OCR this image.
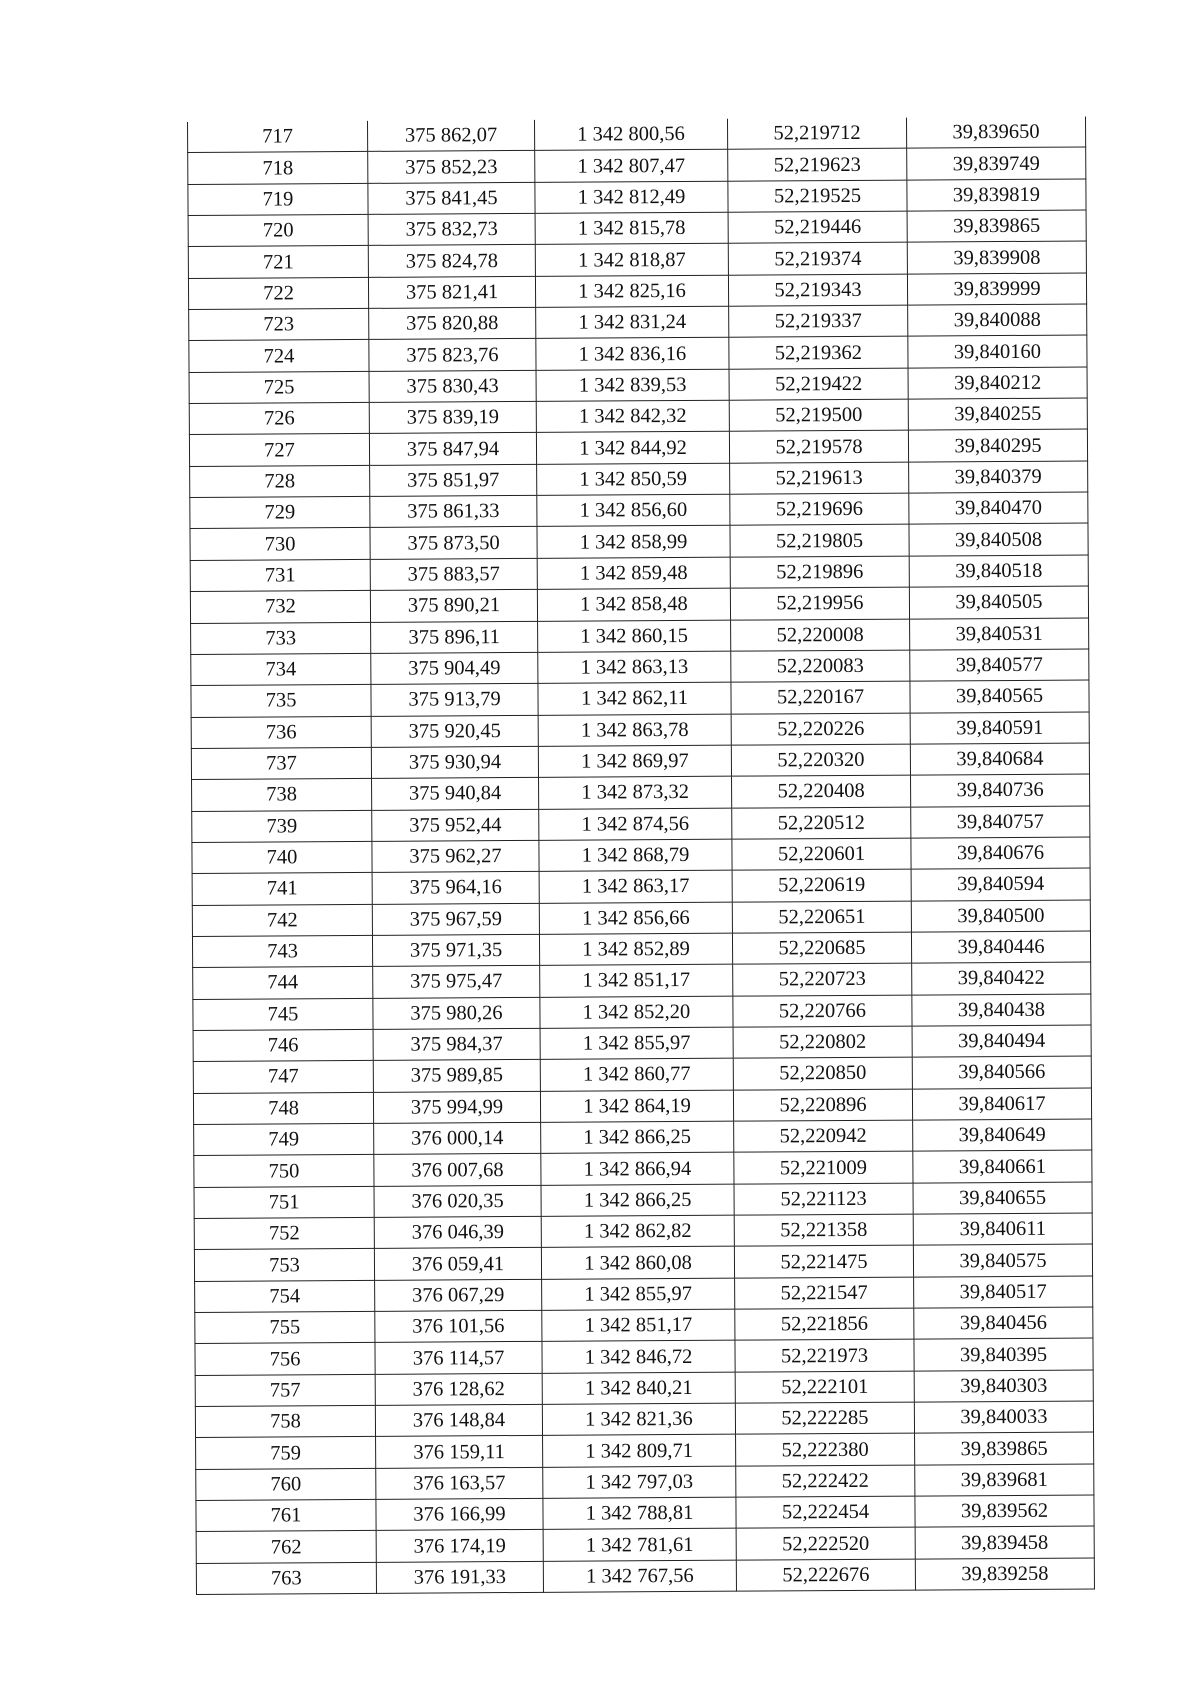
717	375 862,07	1 342 800,56	52,219712	39,839650
718	375 852,23	1 342 807,47	52,219623	39,839749
719	375 841,45	1 342 812,49	52,219525	39,839819
720	375 832,73	1 342 815,78	52,219446	39,839865
721	375 824,78	1 342 818,87	52,219374	39,839908
722	375 821,41	1 342 825,16	52,219343	39,839999
723	375 820,88	1 342 831,24	52,219337	39,840088
724	375 823,76	1 342 836,16	52,219362	39,840160
725	375 830,43	1 342 839,53	52,219422	39,840212
726	375 839,19	1 342 842,32	52,219500	39,840255
727	375 847,94	1 342 844,92	52,219578	39,840295
728	375 851,97	1 342 850,59	52,219613	39,840379
729	375 861,33	1 342 856,60	52,219696	39,840470
730	375 873,50	1 342 858,99	52,219805	39,840508
731	375 883,57	1 342 859,48	52,219896	39,840518
732	375 890,21	1 342 858,48	52,219956	39,840505
733	375 896,11	1 342 860,15	52,220008	39,840531
734	375 904,49	1 342 863,13	52,220083	39,840577
735	375 913,79	1 342 862,11	52,220167	39,840565
736	375 920,45	1 342 863,78	52,220226	39,840591
737	375 930,94	1 342 869,97	52,220320	39,840684
738	375 940,84	1 342 873,32	52,220408	39,840736
739	375 952,44	1 342 874,56	52,220512	39,840757
740	375 962,27	1 342 868,79	52,220601	39,840676
741	375 964,16	1 342 863,17	52,220619	39,840594
742	375 967,59	1 342 856,66	52,220651	39,840500
743	375 971,35	1 342 852,89	52,220685	39,840446
744	375 975,47	1 342 851,17	52,220723	39,840422
745	375 980,26	1 342 852,20	52,220766	39,840438
746	375 984,37	1 342 855,97	52,220802	39,840494
747	375 989,85	1 342 860,77	52,220850	39,840566
748	375 994,99	1 342 864,19	52,220896	39,840617
749	376 000,14	1 342 866,25	52,220942	39,840649
750	376 007,68	1 342 866,94	52,221009	39,840661
751	376 020,35	1 342 866,25	52,221123	39,840655
752	376 046,39	1 342 862,82	52,221358	39,840611
753	376 059,41	1 342 860,08	52,221475	39,840575
754	376 067,29	1 342 855,97	52,221547	39,840517
755	376 101,56	1 342 851,17	52,221856	39,840456
756	376 114,57	1 342 846,72	52,221973	39,840395
757	376 128,62	1 342 840,21	52,222101	39,840303
758	376 148,84	1 342 821,36	52,222285	39,840033
759	376 159,11	1 342 809,71	52,222380	39,839865
760	376 163,57	1 342 797,03	52,222422	39,839681
761	376 166,99	1 342 788,81	52,222454	39,839562
762	376 174,19	1 342 781,61	52,222520	39,839458
763	376 191,33	1 342 767,56	52,222676	39,839258
